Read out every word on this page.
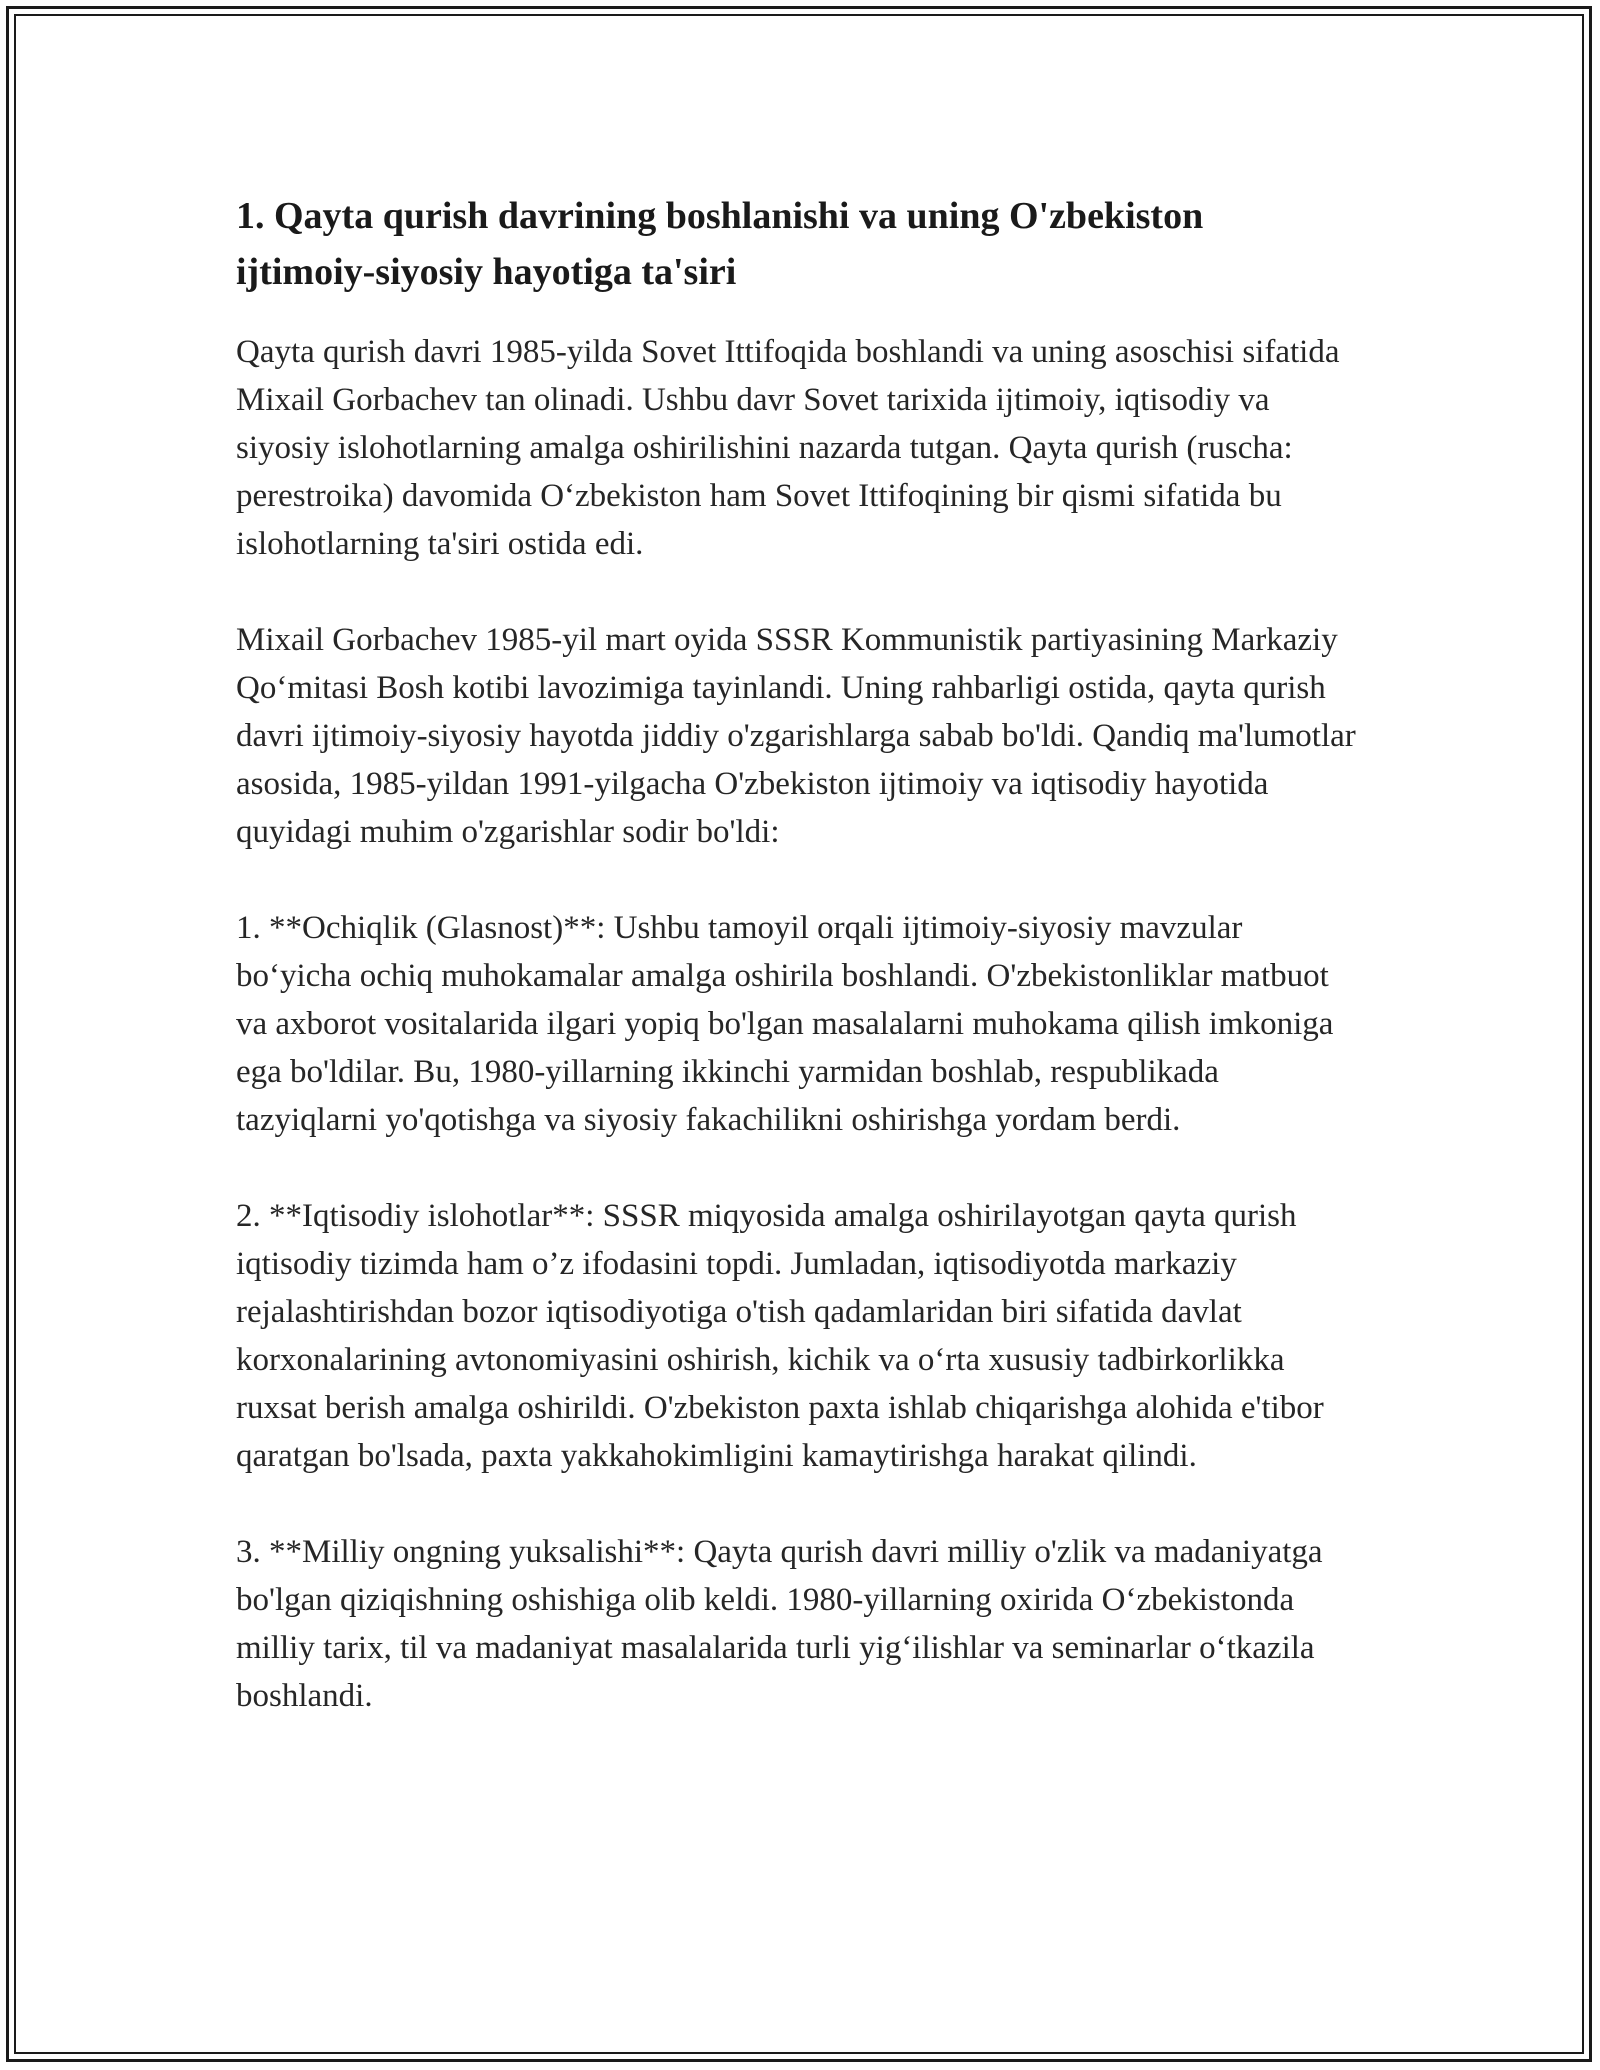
1. Qayta qurish davrining boshlanishi va uning O'zbekiston
ijtimoiy-siyosiy hayotiga ta'siri

Qayta qurish davri 1985-yilda Sovet Ittifoqida boshlandi va uning asoschisi sifatida Mixail Gorbachev tan olinadi. Ushbu davr Sovet tarixida ijtimoiy, iqtisodiy va siyosiy islohotlarning amalga oshirilishini nazarda tutgan. Qayta qurish (ruscha: perestroika) davomida O‘zbekiston ham Sovet Ittifoqining bir qismi sifatida bu islohotlarning ta'siri ostida edi.

Mixail Gorbachev 1985-yil mart oyida SSSR Kommunistik partiyasining Markaziy Qo‘mitasi Bosh kotibi lavozimiga tayinlandi. Uning rahbarligi ostida, qayta qurish davri ijtimoiy-siyosiy hayotda jiddiy o'zgarishlarga sabab bo'ldi. Qandiq ma'lumotlar asosida, 1985-yildan 1991-yilgacha O'zbekiston ijtimoiy va iqtisodiy hayotida quyidagi muhim o'zgarishlar sodir bo'ldi:

1. **Ochiqlik (Glasnost)**: Ushbu tamoyil orqali ijtimoiy-siyosiy mavzular bo‘yicha ochiq muhokamalar amalga oshirila boshlandi. O'zbekistonliklar matbuot va axborot vositalarida ilgari yopiq bo'lgan masalalarni muhokama qilish imkoniga ega bo'ldilar. Bu, 1980-yillarning ikkinchi yarmidan boshlab, respublikada tazyiqlarni yo'qotishga va siyosiy fakachilikni oshirishga yordam berdi.

2. **Iqtisodiy islohotlar**: SSSR miqyosida amalga oshirilayotgan qayta qurish iqtisodiy tizimda ham o’z ifodasini topdi. Jumladan, iqtisodiyotda markaziy rejalashtirishdan bozor iqtisodiyotiga o'tish qadamlaridan biri sifatida davlat korxonalarining avtonomiyasini oshirish, kichik va o‘rta xususiy tadbirkorlikka ruxsat berish amalga oshirildi. O'zbekiston paxta ishlab chiqarishga alohida e'tibor qaratgan bo'lsada, paxta yakkahokimligini kamaytirishga harakat qilindi.

3. **Milliy ongning yuksalishi**: Qayta qurish davri milliy o'zlik va madaniyatga bo'lgan qiziqishning oshishiga olib keldi. 1980-yillarning oxirida O‘zbekistonda milliy tarix, til va madaniyat masalalarida turli yig‘ilishlar va seminarlar o‘tkazila boshlandi.
